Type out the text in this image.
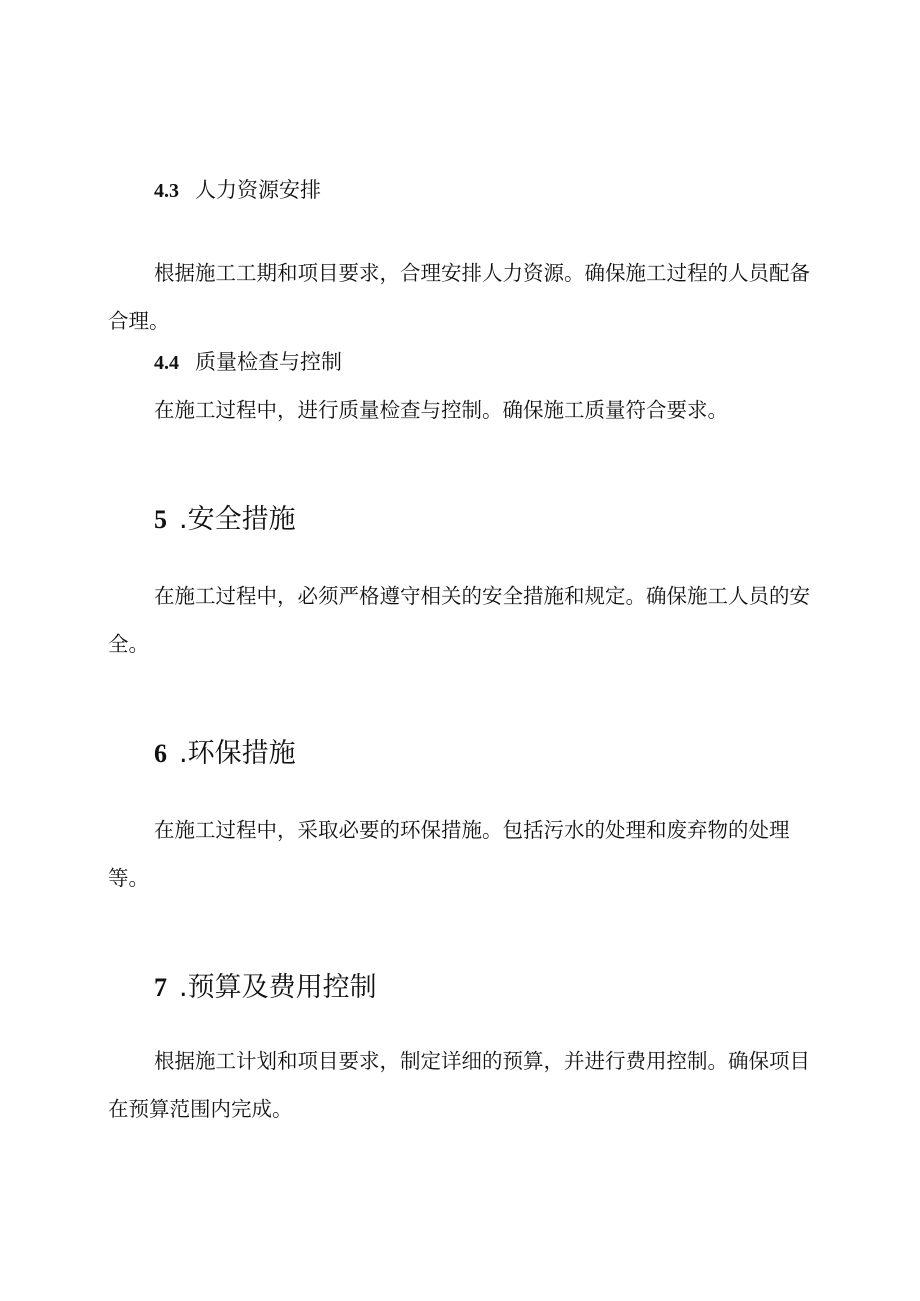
4.3 人力资源安排

根据施工工期和项目要求，合理安排人力资源。确保施工过程的人员配备合理。

4.4 质量检查与控制

在施工过程中，进行质量检查与控制。确保施工质量符合要求。

5 .安全措施

在施工过程中，必须严格遵守相关的安全措施和规定。确保施工人员的安全。

6 .环保措施

在施工过程中，采取必要的环保措施。包括污水的处理和废弃物的处理等。

7 .预算及费用控制

根据施工计划和项目要求，制定详细的预算，并进行费用控制。确保项目在预算范围内完成。
